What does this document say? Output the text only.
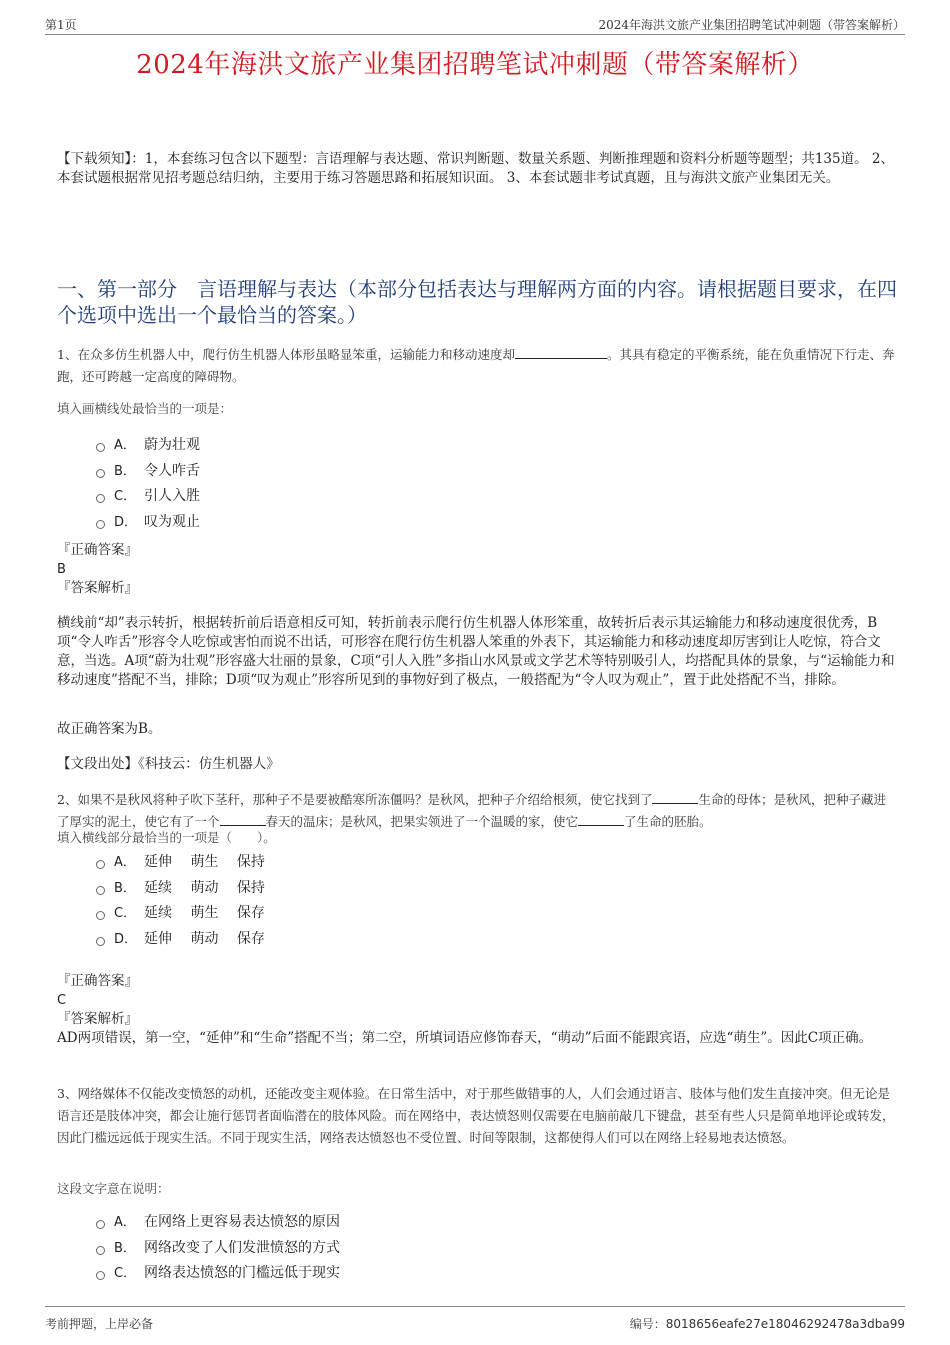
第1页	2024年海洪文旅产业集团招聘笔试冲刺题（带答案解析）
2024年海洪文旅产业集团招聘笔试冲刺题（带答案解析）
【下载须知】：1，本套练习包含以下题型：言语理解与表达题、常识判断题、数量关系题、判断推理题和资料分析题等题型；共135道。 2、本套试题根据常见招考题总结归纳，主要用于练习答题思路和拓展知识面。 3、本套试题非考试真题，且与海洪文旅产业集团无关。
一、第一部分　言语理解与表达（本部分包括表达与理解两方面的内容。请根据题目要求，在四个选项中选出一个最恰当的答案。）
1、在众多仿生机器人中，爬行仿生机器人体形虽略显笨重，运输能力和移动速度却	。其具有稳定的平衡系统，能在负重情况下行走、奔跑，还可跨越一定高度的障碍物。
填入画横线处最恰当的一项是：
A． 蔚为壮观
B． 令人咋舌
C． 引人入胜
D． 叹为观止
『正确答案』
B
『答案解析』
横线前“却”表示转折，根据转折前后语意相反可知，转折前表示爬行仿生机器人体形笨重，故转折后表示其运输能力和移动速度很优秀，B项“令人咋舌”形容令人吃惊或害怕而说不出话，可形容在爬行仿生机器人笨重的外表下，其运输能力和移动速度却厉害到让人吃惊，符合文意，当选。A项“蔚为壮观”形容盛大壮丽的景象，C项“引人入胜”多指山水风景或文学艺术等特别吸引人，均搭配具体的景象，与“运输能力和移动速度”搭配不当，排除；D项“叹为观止”形容所见到的事物好到了极点，一般搭配为“令人叹为观止”，置于此处搭配不当，排除。
故正确答案为B。
【文段出处】《科技云：仿生机器人》
2、如果不是秋风将种子吹下茎秆，那种子不是要被酷寒所冻僵吗？是秋风，把种子介绍给根须，使它找到了	生命的母体；是秋风，把种子藏进了厚实的泥土，使它有了一个	春天的温床；是秋风，把果实领进了一个温暖的家，使它	了生命的胚胎。
填入横线部分最恰当的一项是（　　）。
A． 延伸　 萌生　 保持
B． 延续　 萌动　 保持
C． 延续　 萌生　 保存
D． 延伸　 萌动　 保存
『正确答案』
C
『答案解析』
AD两项错误，第一空，“延伸”和“生命”搭配不当；第二空，所填词语应修饰春天，“萌动”后面不能跟宾语，应选“萌生”。因此C项正确。
3、网络媒体不仅能改变愤怒的动机，还能改变主观体验。在日常生活中，对于那些做错事的人，人们会通过语言、肢体与他们发生直接冲突。但无论是语言还是肢体冲突，都会让施行惩罚者面临潜在的肢体风险。而在网络中，表达愤怒则仅需要在电脑前敲几下键盘，甚至有些人只是简单地评论或转发，因此门槛远远低于现实生活。不同于现实生活，网络表达愤怒也不受位置、时间等限制，这都使得人们可以在网络上轻易地表达愤怒。
这段文字意在说明：
A． 在网络上更容易表达愤怒的原因
B． 网络改变了人们发泄愤怒的方式
C． 网络表达愤怒的门槛远低于现实
考前押题，上岸必备	编号：8018656eafe27e18046292478a3dba99
